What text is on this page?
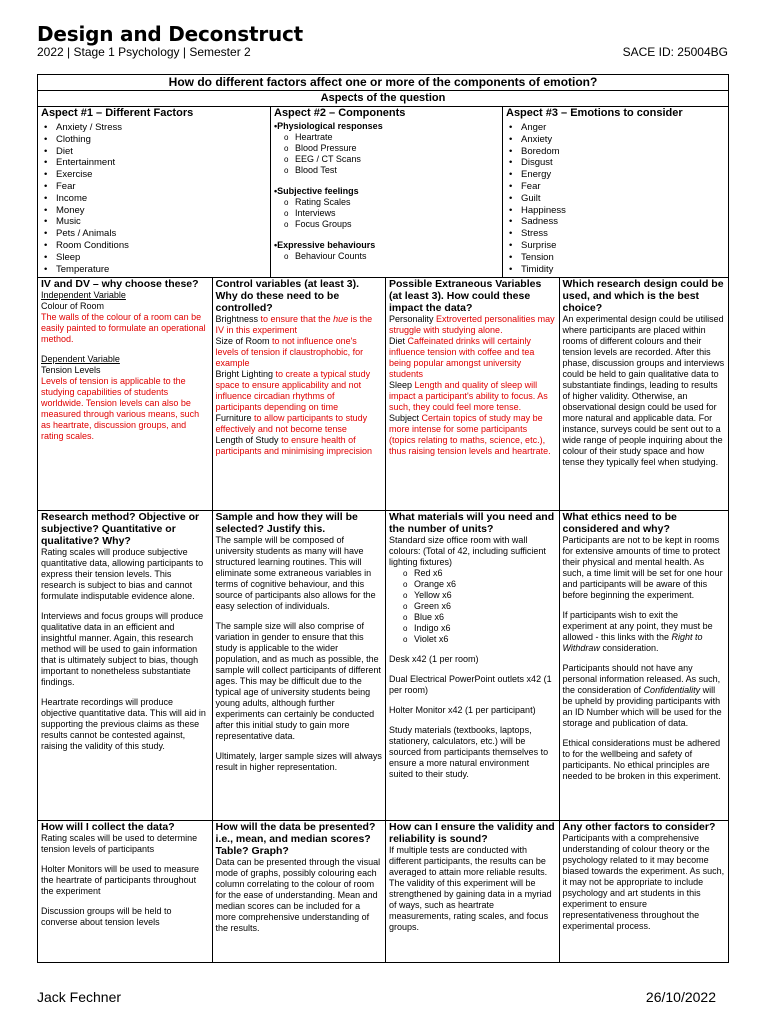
Design and Deconstruct
2022 | Stage 1 Psychology | Semester 2	SACE ID: 25004BG
How do different factors affect one or more of the components of emotion?
Aspects of the question
Aspect #1 – Different Factors
• Anxiety / Stress
• Clothing
• Diet
• Entertainment
• Exercise
• Fear
• Income
• Money
• Music
• Pets / Animals
• Room Conditions
• Sleep
• Temperature
Aspect #2 – Components
• Physiological responses
o Heartrate
o Blood Pressure
o EEG / CT Scans
o Blood Test
• Subjective feelings
o Rating Scales
o Interviews
o Focus Groups
• Expressive behaviours
o Behaviour Counts
Aspect #3 – Emotions to consider
• Anger
• Anxiety
• Boredom
• Disgust
• Energy
• Fear
• Guilt
• Happiness
• Sadness
• Stress
• Surprise
• Tension
• Timidity
IV and DV – why choose these?

Independent Variable

Colour of Room

The walls of the colour of a room can be easily painted to formulate an operational method.

Dependent Variable

Tension Levels

Levels of tension is applicable to the studying capabilities of students worldwide. Tension levels can also be measured through various means, such as heartrate, discussion groups, and rating scales.

Control variables (at least 3). Why do these need to be controlled?

Brightness to ensure that the hue is the IV in this experiment

Size of Room to not influence one's levels of tension if claustrophobic, for example

Bright Lighting to create a typical study space to ensure applicability and not influence circadian rhythms of participants depending on time

Furniture to allow participants to study effectively and not become tense

Length of Study to ensure health of participants and minimising imprecision

Possible Extraneous Variables (at least 3). How could these impact the data?

Personality Extroverted personalities may struggle with studying alone.

Diet Caffeinated drinks will certainly influence tension with coffee and tea being popular amongst university students

Sleep Length and quality of sleep will impact a participant's ability to focus. As such, they could feel more tense.

Subject Certain topics of study may be more intense for some participants (topics relating to maths, science, etc.), thus raising tension levels and heartrate.

Which research design could be used, and which is the best choice?

An experimental design could be utilised where participants are placed within rooms of different colours and their tension levels are recorded. After this phase, discussion groups and interviews could be held to gain qualitative data to substantiate findings, leading to results of higher validity. Otherwise, an observational design could be used for more natural and applicable data. For instance, surveys could be sent out to a wide range of people inquiring about the colour of their study space and how tense they typically feel when studying.

Research method? Objective or subjective? Quantitative or qualitative? Why?

Rating scales will produce subjective quantitative data, allowing participants to express their tension levels. This research is subject to bias and cannot formulate indisputable evidence alone.

Interviews and focus groups will produce qualitative data in an efficient and insightful manner. Again, this research method will be used to gain information that is ultimately subject to bias, though important to nonetheless substantiate findings.

Heartrate recordings will produce objective quantitative data. This will aid in supporting the previous claims as these results cannot be contested against, raising the validity of this study.

Sample and how they will be selected? Justify this.

The sample will be composed of university students as many will have structured learning routines. This will eliminate some extraneous variables in terms of cognitive behaviour, and this source of participants also allows for the easy selection of individuals.

The sample size will also comprise of variation in gender to ensure that this study is applicable to the wider population, and as much as possible, the sample will collect participants of different ages. This may be difficult due to the typical age of university students being young adults, although further experiments can certainly be conducted after this initial study to gain more representative data.

Ultimately, larger sample sizes will always result in higher representation.

What materials will you need and the number of units?

Standard size office room with wall colours: (Total of 42, including sufficient lighting fixtures)

o Red x6
o Orange x6
o Yellow x6
o Green x6
o Blue x6
o Indigo x6
o Violet x6

Desk x42 (1 per room)

Dual Electrical PowerPoint outlets x42 (1 per room)

Holter Monitor x42 (1 per participant)

Study materials (textbooks, laptops, stationery, calculators, etc.) will be sourced from participants themselves to ensure a more natural environment suited to their study.

What ethics need to be considered and why?

Participants are not to be kept in rooms for extensive amounts of time to protect their physical and mental health. As such, a time limit will be set for one hour and participants will be aware of this before beginning the experiment.

If participants wish to exit the experiment at any point, they must be allowed - this links with the Right to Withdraw consideration.

Participants should not have any personal information released. As such, the consideration of Confidentiality will be upheld by providing participants with an ID Number which will be used for the storage and publication of data.

Ethical considerations must be adhered to for the wellbeing and safety of participants. No ethical principles are needed to be broken in this experiment.

How will I collect the data?

Rating scales will be used to determine tension levels of participants

Holter Monitors will be used to measure the heartrate of participants throughout the experiment

Discussion groups will be held to converse about tension levels

How will the data be presented? i.e., mean, and median scores? Table? Graph?

Data can be presented through the visual mode of graphs, possibly colouring each column correlating to the colour of room for the ease of understanding. Mean and median scores can be included for a more comprehensive understanding of the results.

How can I ensure the validity and reliability is sound?

If multiple tests are conducted with different participants, the results can be averaged to attain more reliable results. The validity of this experiment will be strengthened by gaining data in a myriad of ways, such as heartrate measurements, rating scales, and focus groups.

Any other factors to consider?

Participants with a comprehensive understanding of colour theory or the psychology related to it may become biased towards the experiment. As such, it may not be appropriate to include psychology and art students in this experiment to ensure representativeness throughout the experimental process.

Jack Fechner	26/10/2022
